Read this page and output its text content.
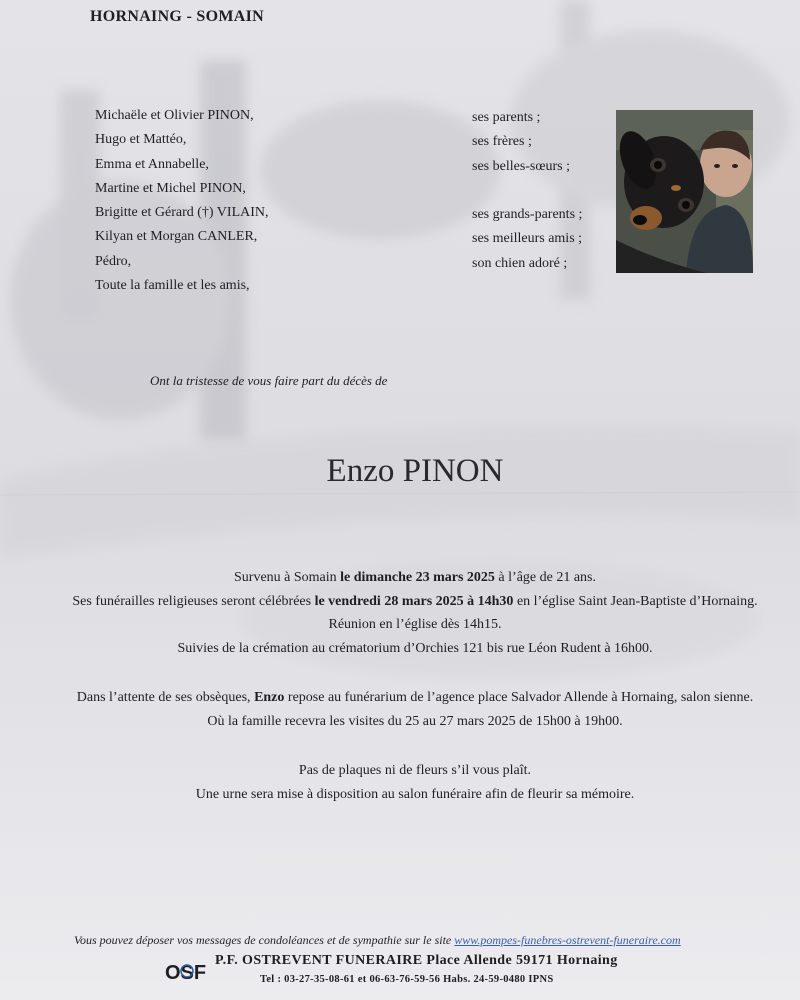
HORNAING - SOMAIN
Michaële et Olivier PINON,
Hugo et Mattéo,
Emma et Annabelle,
Martine et Michel PINON,
Brigitte et Gérard (†) VILAIN,
Kilyan et Morgan CANLER,
Pédro,
Toute la famille et les amis,
ses parents ;
ses frères ;
ses belles-sœurs ;
ses grands-parents ;
ses meilleurs amis ;
son chien adoré ;
Ont la tristesse de vous faire part du décès de
Enzo PINON
Survenu à Somain le dimanche 23 mars 2025 à l’âge de 21 ans.
Ses funérailles religieuses seront célébrées le vendredi 28 mars 2025 à 14h30 en l’église Saint Jean-Baptiste d’Hornaing.
Réunion en l’église dès 14h15.
Suivies de la crémation au crématorium d’Orchies 121 bis rue Léon Rudent à 16h00.
Dans l’attente de ses obsèques, Enzo repose au funérarium de l’agence place Salvador Allende à Hornaing, salon sienne.
Où la famille recevra les visites du 25 au 27 mars 2025 de 15h00 à 19h00.
Pas de plaques ni de fleurs s’il vous plaît.
Une urne sera mise à disposition au salon funéraire afin de fleurir sa mémoire.
Vous pouvez déposer vos messages de condoléances et de sympathie sur le site www.pompes-funebres-ostrevent-funeraire.com
OSF
P.F. OSTREVENT FUNERAIRE Place Allende 59171 Hornaing
Tel : 03-27-35-08-61 et 06-63-76-59-56 Habs. 24-59-0480 IPNS
